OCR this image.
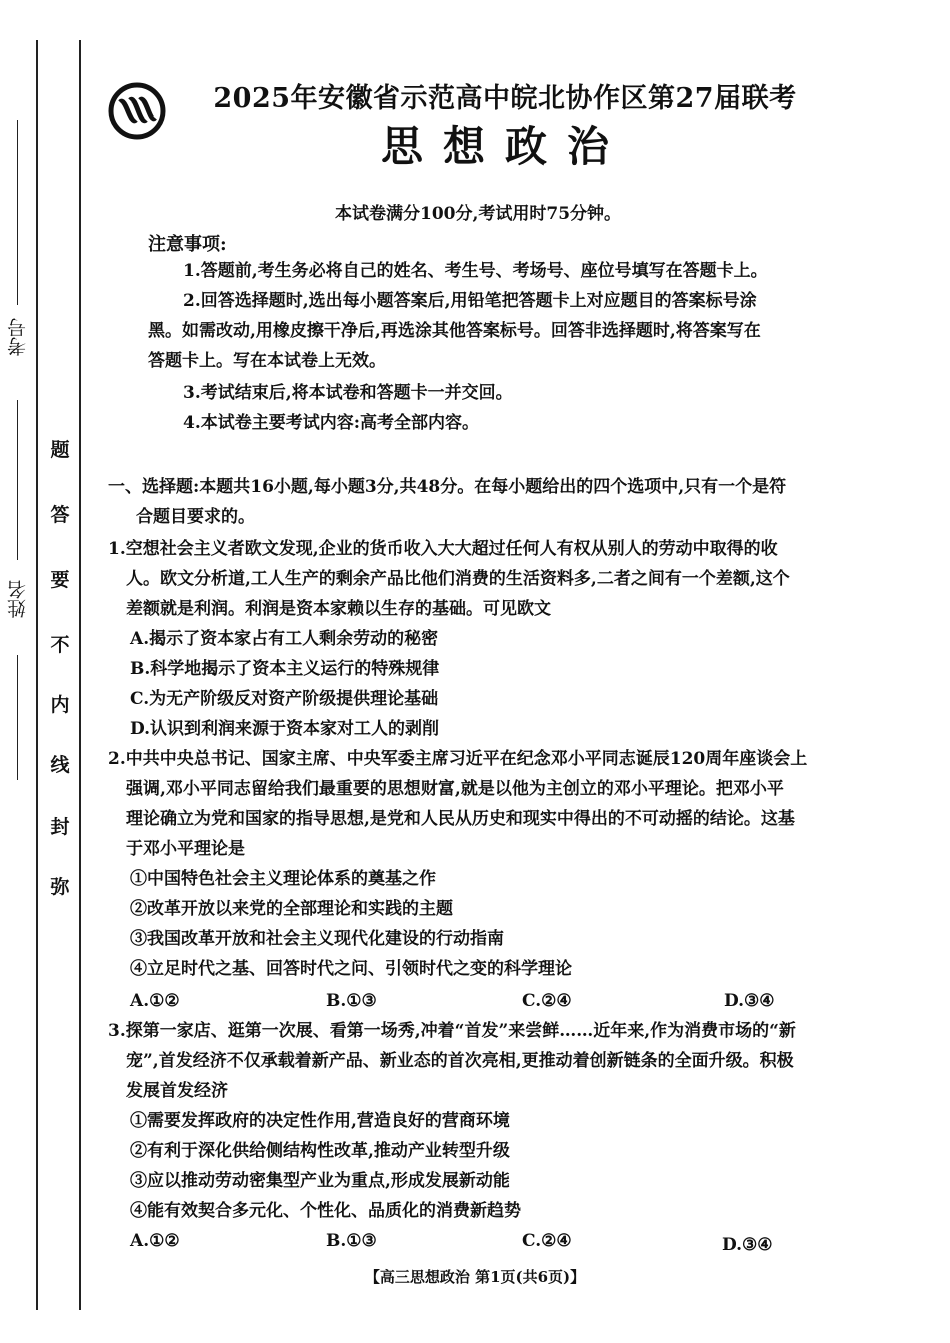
考号
姓名
题
答
要
不
内
线
封
弥
2025年安徽省示范高中皖北协作区第27届联考
思想政治
本试卷满分100分,考试用时75分钟。
注意事项:
1.答题前,考生务必将自己的姓名、考生号、考场号、座位号填写在答题卡上。
2.回答选择题时,选出每小题答案后,用铅笔把答题卡上对应题目的答案标号涂
黑。如需改动,用橡皮擦干净后,再选涂其他答案标号。回答非选择题时,将答案写在
答题卡上。写在本试卷上无效。
3.考试结束后,将本试卷和答题卡一并交回。
4.本试卷主要考试内容:高考全部内容。
一、选择题:本题共16小题,每小题3分,共48分。在每小题给出的四个选项中,只有一个是符
合题目要求的。
1.空想社会主义者欧文发现,企业的货币收入大大超过任何人有权从别人的劳动中取得的收
人。欧文分析道,工人生产的剩余产品比他们消费的生活资料多,二者之间有一个差额,这个
差额就是利润。利润是资本家赖以生存的基础。可见欧文
A.揭示了资本家占有工人剩余劳动的秘密
B.科学地揭示了资本主义运行的特殊规律
C.为无产阶级反对资产阶级提供理论基础
D.认识到利润来源于资本家对工人的剥削
2.中共中央总书记、国家主席、中央军委主席习近平在纪念邓小平同志诞辰120周年座谈会上
强调,邓小平同志留给我们最重要的思想财富,就是以他为主创立的邓小平理论。把邓小平
理论确立为党和国家的指导思想,是党和人民从历史和现实中得出的不可动摇的结论。这基
于邓小平理论是
①中国特色社会主义理论体系的奠基之作
②改革开放以来党的全部理论和实践的主题
③我国改革开放和社会主义现代化建设的行动指南
④立足时代之基、回答时代之问、引领时代之变的科学理论
A.①②	B.①③	C.②④	D.③④
3.探第一家店、逛第一次展、看第一场秀,冲着“首发”来尝鲜……近年来,作为消费市场的“新
宠”,首发经济不仅承载着新产品、新业态的首次亮相,更推动着创新链条的全面升级。积极
发展首发经济
①需要发挥政府的决定性作用,营造良好的营商环境
②有利于深化供给侧结构性改革,推动产业转型升级
③应以推动劳动密集型产业为重点,形成发展新动能
④能有效契合多元化、个性化、品质化的消费新趋势
A.①②	B.①③	C.②④	D.③④
【高三思想政治 第1页(共6页)】
